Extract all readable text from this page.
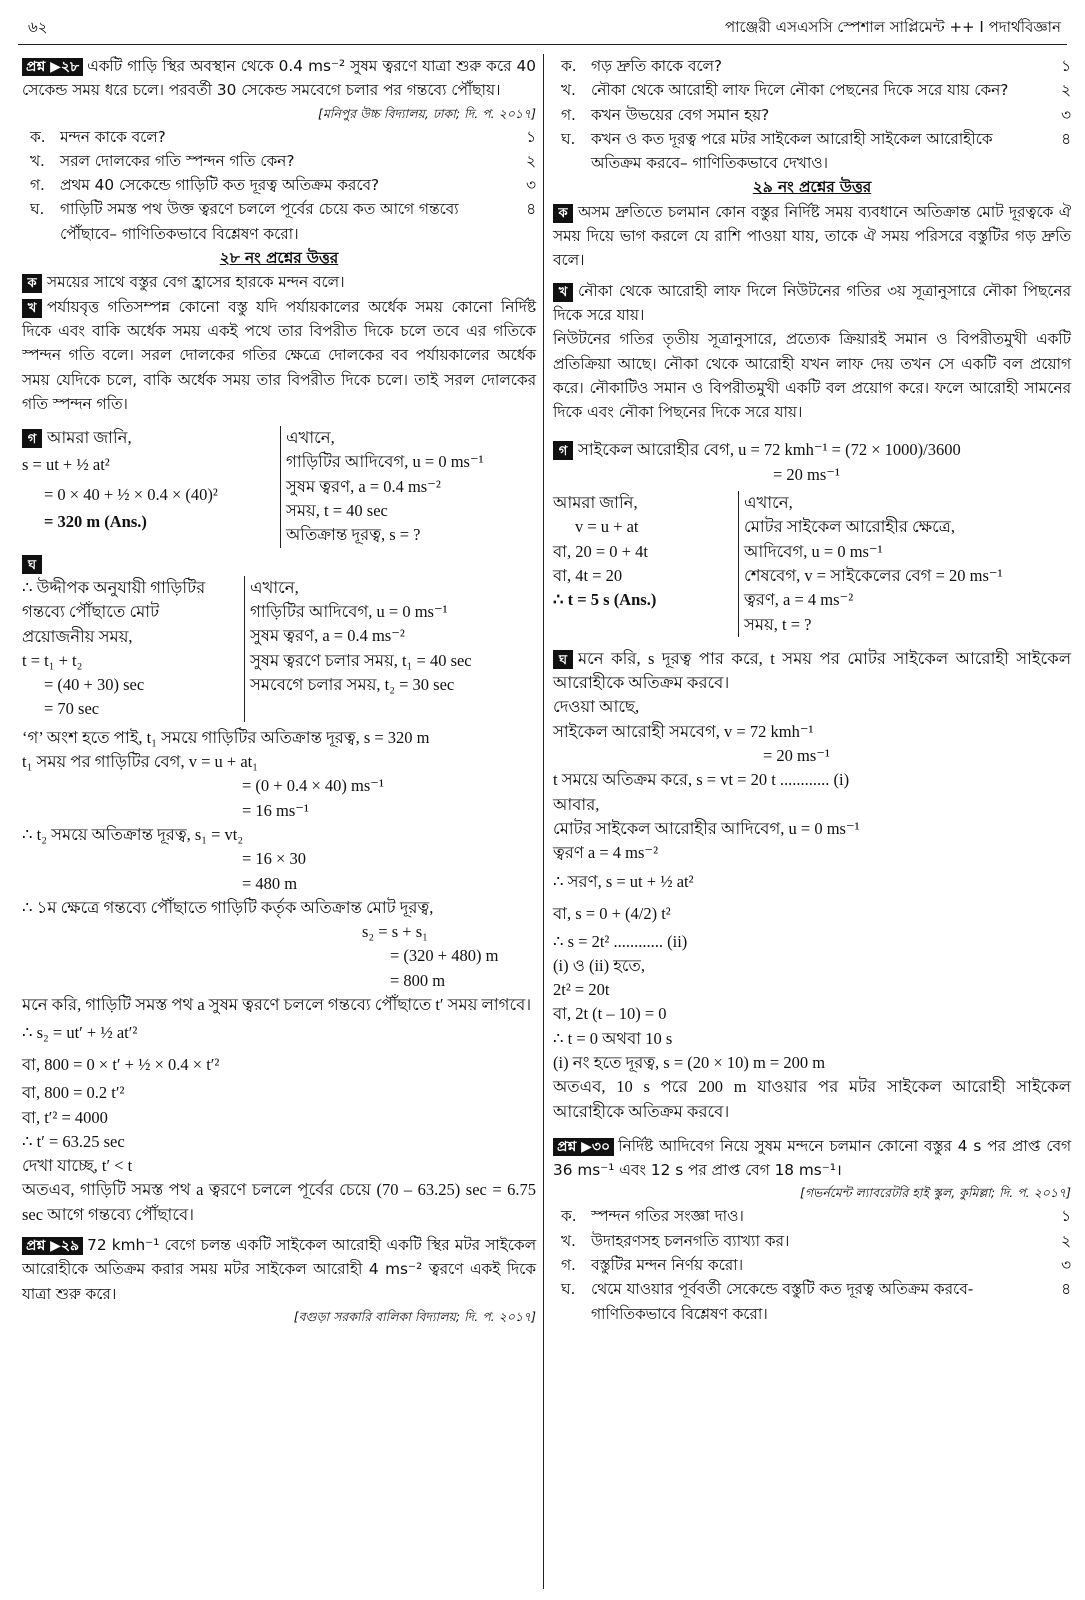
৬২	পাঞ্জেরী এসএসসি স্পেশাল সাপ্লিমেন্ট ++ I পদার্থবিজ্ঞান

প্রশ্ন ▶২৮ একটি গাড়ি স্থির অবস্থান থেকে 0.4 ms⁻² সুষম ত্বরণে যাত্রা শুরু করে 40 সেকেন্ড সময় ধরে চলে। পরবর্তী 30 সেকেন্ড সমবেগে চলার পর গন্তব্যে পৌঁছায়।

[মনিপুর উচ্চ বিদ্যালয়, ঢাকা; দি. প. ২০১৭]

ক. মন্দন কাকে বলে?	১
খ. সরল দোলকের গতি স্পন্দন গতি কেন?	২
গ. প্রথম 40 সেকেন্ডে গাড়িটি কত দূরত্ব অতিক্রম করবে?	৩
ঘ.	গাড়িটি সমস্ত পথ উক্ত ত্বরণে চললে পূর্বের চেয়ে কত আগে গন্তব্যে পৌঁছাবে– গাণিতিকভাবে বিশ্লেষণ করো।
৪

২৮ নং প্রশ্নের উত্তর

ক সময়ের সাথে বস্তুর বেগ হ্রাসের হারকে মন্দন বলে।

খ পর্যায়বৃত্ত গতিসম্পন্ন কোনো বস্তু যদি পর্যায়কালের অর্ধেক সময় কোনো নির্দিষ্ট দিকে এবং বাকি অর্ধেক সময় একই পথে তার বিপরীত দিকে চলে তবে এর গতিকে স্পন্দন গতি বলে। সরল দোলকের গতির ক্ষেত্রে দোলকের বব পর্যায়কালের অর্ধেক সময় যেদিকে চলে, বাকি অর্ধেক সময় তার বিপরীত দিকে চলে। তাই সরল দোলকের গতি স্পন্দন গতি।

গ আমরা জানি,

s = ut + ½ at²

= 0 × 40 + ½ × 0.4 × (40)²

= 320 m (Ans.)

এখানে,

গাড়িটির আদিবেগ, u = 0 ms⁻¹

সুষম ত্বরণ, a = 0.4 ms⁻²

সময়, t = 40 sec

অতিক্রান্ত দূরত্ব, s = ?

ঘ

∴ উদ্দীপক অনুযায়ী গাড়িটির

গন্তব্যে পৌঁছাতে মোট

প্রয়োজনীয় সময়,

t = t₁ + t₂

= (40 + 30) sec

= 70 sec

এখানে,

গাড়িটির আদিবেগ, u = 0 ms⁻¹

সুষম ত্বরণ, a = 0.4 ms⁻²

সুষম ত্বরণে চলার সময়, t₁ = 40 sec

সমবেগে চলার সময়, t₂ = 30 sec

‘গ’ অংশ হতে পাই, t₁ সময়ে গাড়িটির অতিক্রান্ত দূরত্ব, s = 320 m

t₁ সময় পর গাড়িটির বেগ, v = u + at₁

= (0 + 0.4 × 40) ms⁻¹

= 16 ms⁻¹

∴ t₂ সময়ে অতিক্রান্ত দূরত্ব, s₁ = vt₂

= 16 × 30

= 480 m

∴ ১ম ক্ষেত্রে গন্তব্যে পৌঁছাতে গাড়িটি কর্তৃক অতিক্রান্ত মোট দূরত্ব,

s₂ = s + s₁

= (320 + 480) m

= 800 m

মনে করি, গাড়িটি সমস্ত পথ a সুষম ত্বরণে চললে গন্তব্যে পৌঁছাতে t′ সময় লাগবে।

∴ s₂ = ut′ + ½ at′²

বা, 800 = 0 × t′ + ½ × 0.4 × t′²

বা, 800 = 0.2 t′²

বা, t′² = 4000

∴ t′ = 63.25 sec

দেখা যাচ্ছে, t′ < t

অতএব, গাড়িটি সমস্ত পথ a ত্বরণে চললে পূর্বের চেয়ে (70 – 63.25) sec = 6.75 sec আগে গন্তব্যে পৌঁছাবে।

প্রশ্ন ▶২৯ 72 kmh⁻¹ বেগে চলন্ত একটি সাইকেল আরোহী একটি স্থির মটর সাইকেল আরোহীকে অতিক্রম করার সময় মটর সাইকেল আরোহী 4 ms⁻² ত্বরণে একই দিকে যাত্রা শুরু করে।

[বগুড়া সরকারি বালিকা বিদ্যালয়; দি. প. ২০১৭]

ক. গড় দ্রুতি কাকে বলে?	১
খ. নৌকা থেকে আরোহী লাফ দিলে নৌকা পেছনের দিকে সরে যায় কেন?	২
গ. কখন উভয়ের বেগ সমান হয়?	৩
ঘ.	কখন ও কত দূরত্ব পরে মটর সাইকেল আরোহী সাইকেল আরোহীকে অতিক্রম করবে– গাণিতিকভাবে দেখাও।
৪

২৯ নং প্রশ্নের উত্তর

ক অসম দ্রুতিতে চলমান কোন বস্তুর নির্দিষ্ট সময় ব্যবধানে অতিক্রান্ত মোট দূরত্বকে ঐ সময় দিয়ে ভাগ করলে যে রাশি পাওয়া যায়, তাকে ঐ সময় পরিসরে বস্তুটির গড় দ্রুতি বলে।

খ নৌকা থেকে আরোহী লাফ দিলে নিউটনের গতির ৩য় সূত্রানুসারে নৌকা পিছনের দিকে সরে যায়।

নিউটনের গতির তৃতীয় সূত্রানুসারে, প্রত্যেক ক্রিয়ারই সমান ও বিপরীতমুখী একটি প্রতিক্রিয়া আছে। নৌকা থেকে আরোহী যখন লাফ দেয় তখন সে একটি বল প্রয়োগ করে। নৌকাটিও সমান ও বিপরীতমুখী একটি বল প্রয়োগ করে। ফলে আরোহী সামনের দিকে এবং নৌকা পিছনের দিকে সরে যায়।

গ সাইকেল আরোহীর বেগ, u = 72 kmh⁻¹ = (72 × 1000)/3600

= 20 ms⁻¹

আমরা জানি,

v = u + at

বা, 20 = 0 + 4t

বা, 4t = 20

∴ t = 5 s (Ans.)

এখানে,

মোটর সাইকেল আরোহীর ক্ষেত্রে,

আদিবেগ, u = 0 ms⁻¹

শেষবেগ, v = সাইকেলের বেগ = 20 ms⁻¹

ত্বরণ, a = 4 ms⁻²

সময়, t = ?

ঘ মনে করি, s দূরত্ব পার করে, t সময় পর মোটর সাইকেল আরোহী সাইকেল আরোহীকে অতিক্রম করবে।

দেওয়া আছে,

সাইকেল আরোহী সমবেগ, v = 72 kmh⁻¹

= 20 ms⁻¹

t সময়ে অতিক্রম করে, s = vt = 20 t ............ (i)

আবার,

মোটর সাইকেল আরোহীর আদিবেগ, u = 0 ms⁻¹

ত্বরণ a = 4 ms⁻²

∴ সরণ, s = ut + ½ at²

বা, s = 0 + (4/2) t²

∴ s = 2t² ............ (ii)

(i) ও (ii) হতে,

2t² = 20t

বা, 2t (t – 10) = 0

∴ t = 0 অথবা 10 s

(i) নং হতে দূরত্ব, s = (20 × 10) m = 200 m

অতএব, 10 s পরে 200 m যাওয়ার পর মটর সাইকেল আরোহী সাইকেল আরোহীকে অতিক্রম করবে।

প্রশ্ন ▶৩০ নির্দিষ্ট আদিবেগ নিয়ে সুষম মন্দনে চলমান কোনো বস্তুর 4 s পর প্রাপ্ত বেগ 36 ms⁻¹ এবং 12 s পর প্রাপ্ত বেগ 18 ms⁻¹।

[গভর্নমেন্ট ল্যাবরেটরি হাই স্কুল, কুমিল্লা; দি. প. ২০১৭]

ক. স্পন্দন গতির সংজ্ঞা দাও।	১
খ. উদাহরণসহ চলনগতি ব্যাখ্যা কর।	২
গ. বস্তুটির মন্দন নির্ণয় করো।	৩
ঘ.	থেমে যাওয়ার পূর্ববর্তী সেকেন্ডে বস্তুটি কত দূরত্ব অতিক্রম করবে-গাণিতিকভাবে বিশ্লেষণ করো।
৪
